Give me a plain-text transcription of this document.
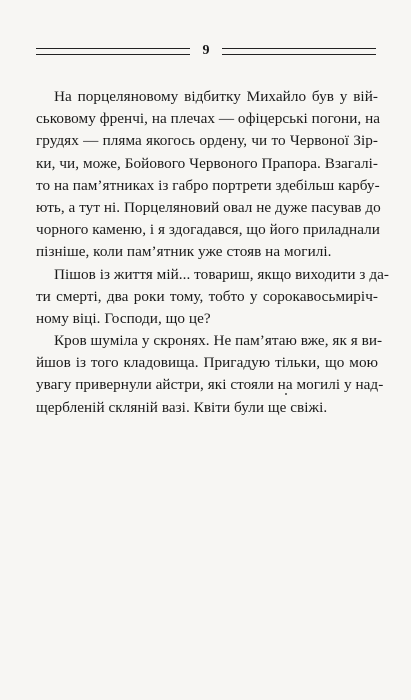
9
На порцеляновому відбитку Михайло був у вій-
ськовому френчі, на плечах — офіцерські погони, на
грудях — пляма якогось ордену, чи то Червоної Зір-
ки, чи, може, Бойового Червоного Прапора. Взагалі-
то на пам’ятниках із габро портрети здебільш карбу-
ють, а тут ні. Порцеляновий овал не дуже пасував до
чорного каменю, і я здогадався, що його приладнали
пізніше, коли пам’ятник уже стояв на могилі.
Пішов із життя мій... товариш, якщо виходити з да-
ти смерті, два роки тому, тобто у сорокавосьмиріч-
ному віці. Господи, що це?
Кров шуміла у скронях. Не пам’ятаю вже, як я ви-
йшов із того кладовища. Пригадую тільки, що мою
увагу привернули айстри, які стояли на могилі у над-
щербленій скляній вазі. Квіти були ще свіжі.
